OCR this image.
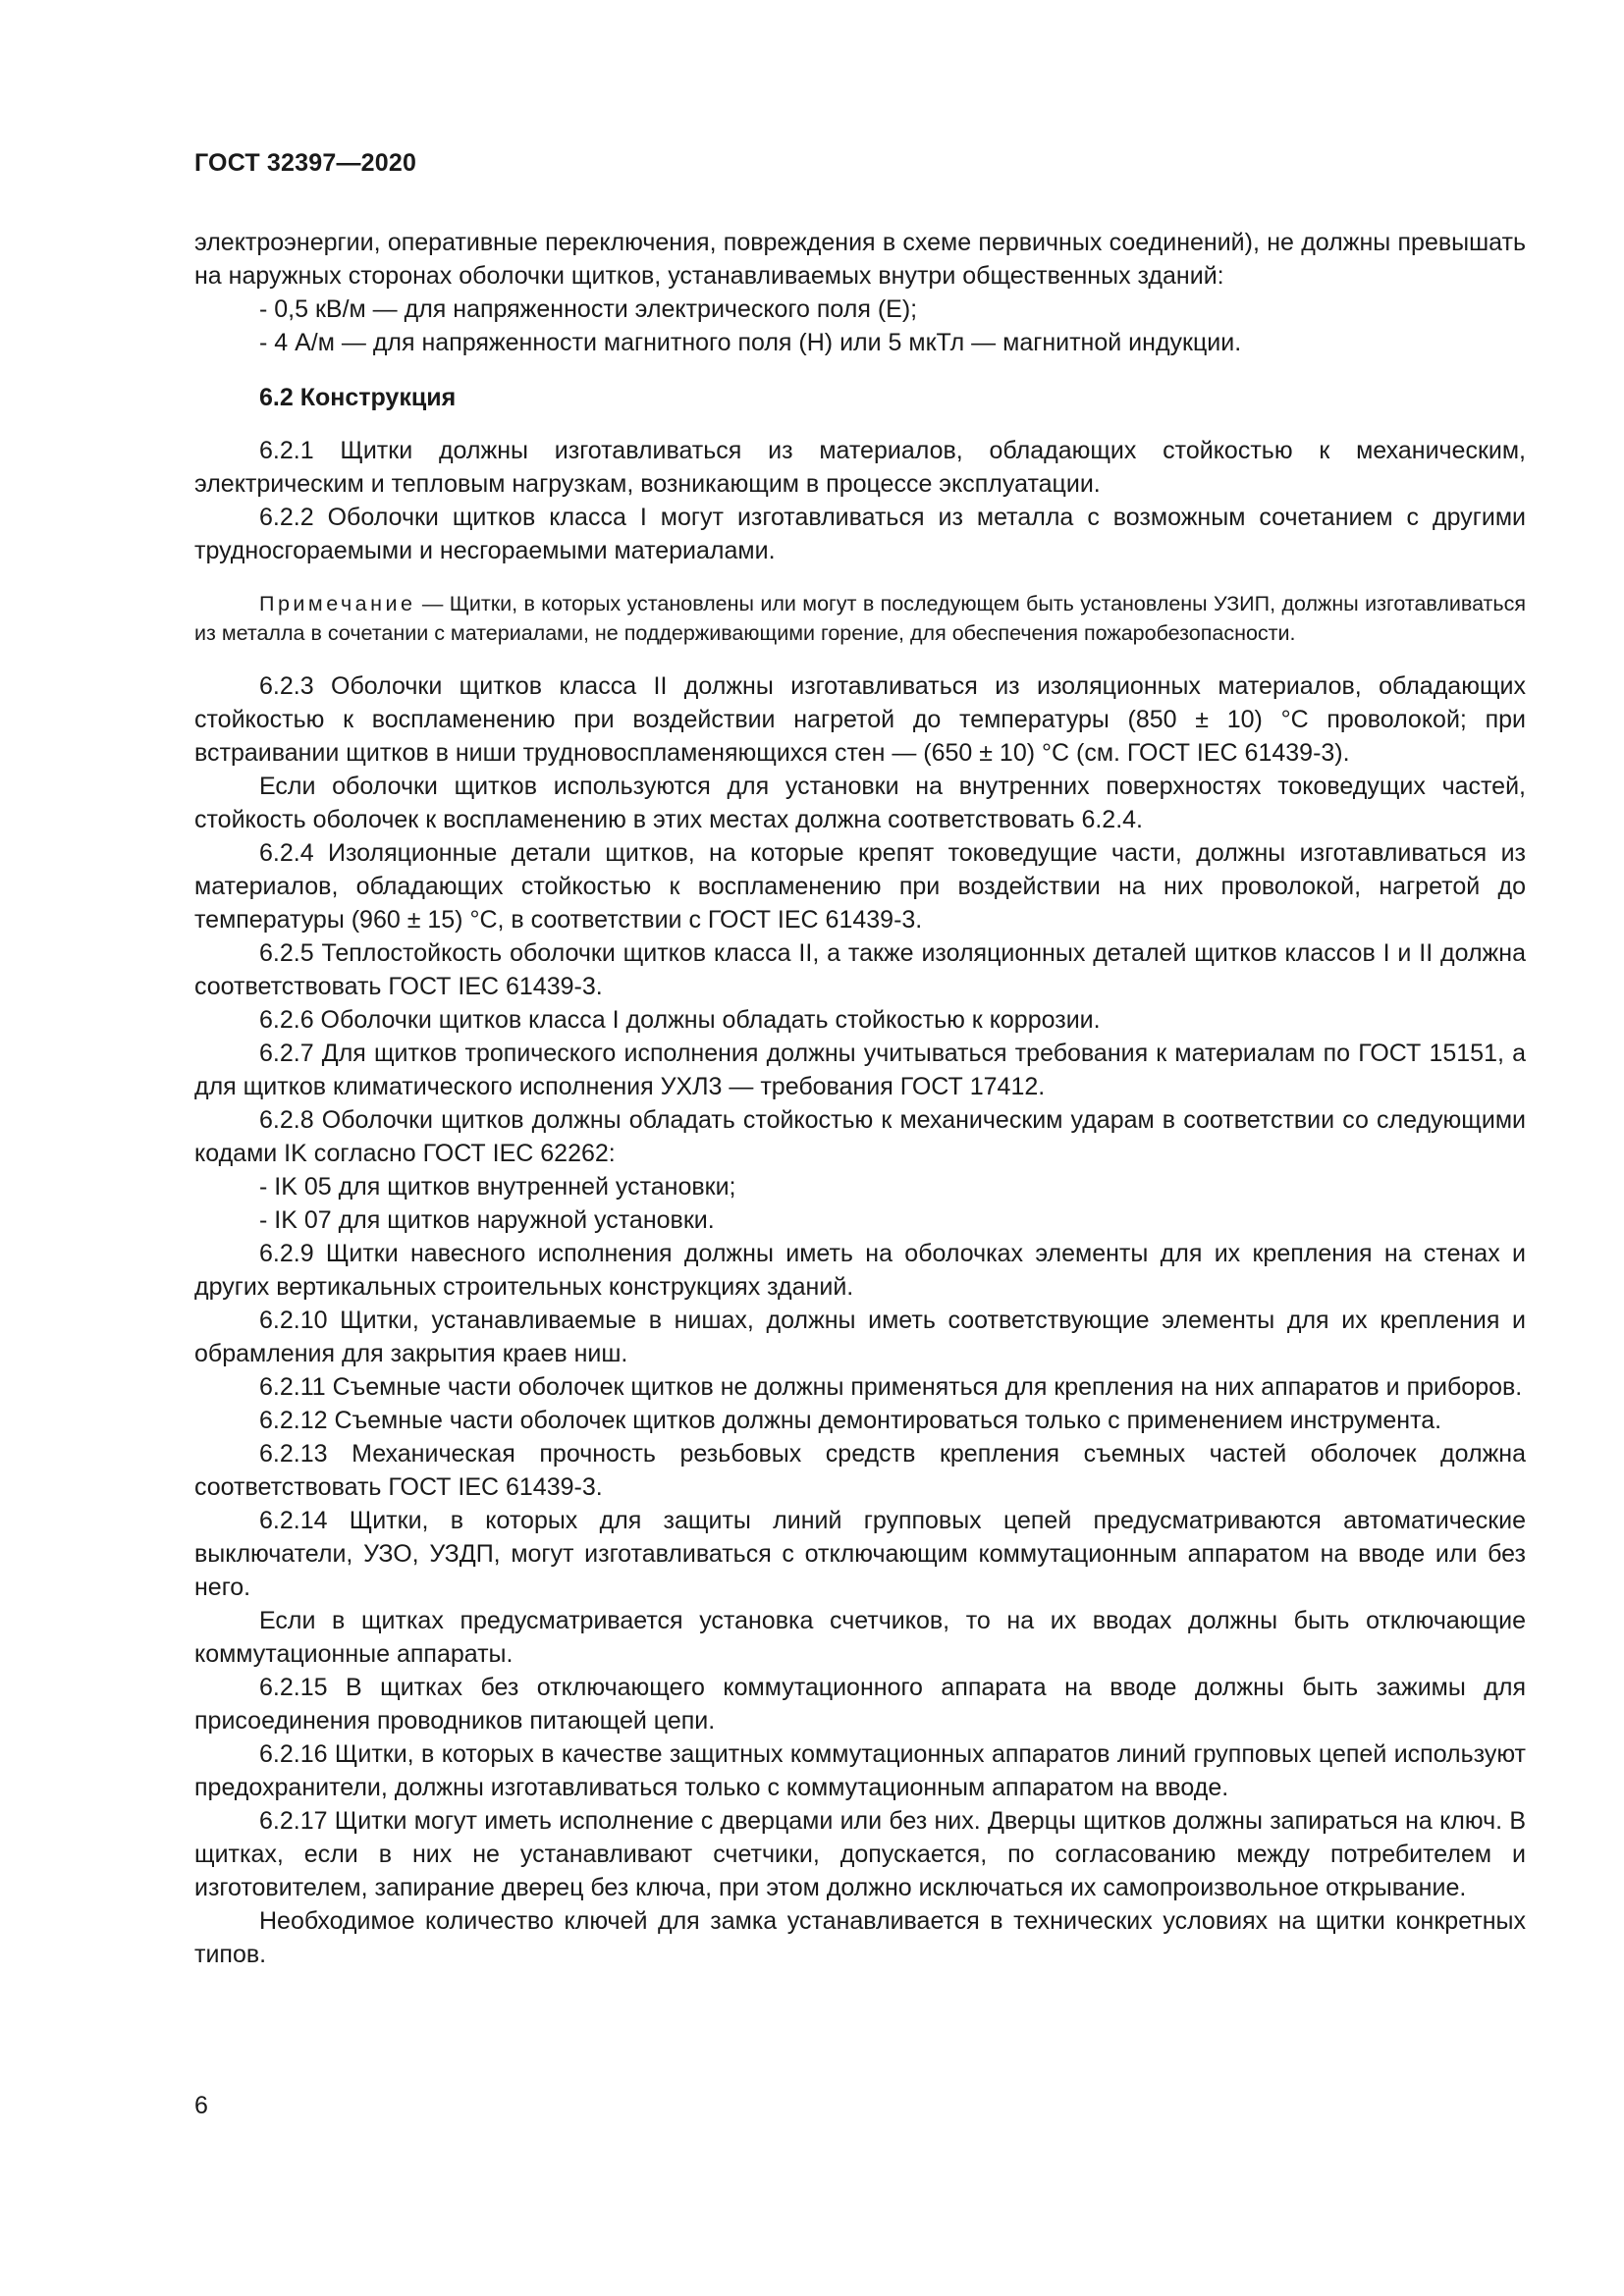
ГОСТ 32397—2020

электроэнергии, оперативные переключения, повреждения в схеме первичных соединений), не должны превышать на наружных сторонах оболочки щитков, устанавливаемых внутри общественных зданий:

- 0,5 кВ/м — для напряженности электрического поля (Е);

- 4 А/м — для напряженности магнитного поля (Н) или 5 мкТл — магнитной индукции.

6.2 Конструкция

6.2.1 Щитки должны изготавливаться из материалов, обладающих стойкостью к механическим, электрическим и тепловым нагрузкам, возникающим в процессе эксплуатации.

6.2.2 Оболочки щитков класса I могут изготавливаться из металла с возможным сочетанием с другими трудносгораемыми и несгораемыми материалами.

Примечание — Щитки, в которых установлены или могут в последующем быть установлены УЗИП, должны изготавливаться из металла в сочетании с материалами, не поддерживающими горение, для обеспечения пожаробезопасности.

6.2.3 Оболочки щитков класса II должны изготавливаться из изоляционных материалов, обладающих стойкостью к воспламенению при воздействии нагретой до температуры (850 ± 10) °С проволокой; при встраивании щитков в ниши трудновоспламеняющихся стен — (650 ± 10) °С (см. ГОСТ IEC 61439-3).

Если оболочки щитков используются для установки на внутренних поверхностях токоведущих частей, стойкость оболочек к воспламенению в этих местах должна соответствовать 6.2.4.

6.2.4 Изоляционные детали щитков, на которые крепят токоведущие части, должны изготавливаться из материалов, обладающих стойкостью к воспламенению при воздействии на них проволокой, нагретой до температуры (960 ± 15) °С, в соответствии с ГОСТ IEC 61439-3.

6.2.5 Теплостойкость оболочки щитков класса II, а также изоляционных деталей щитков классов I и II должна соответствовать ГОСТ IEC 61439-3.

6.2.6 Оболочки щитков класса I должны обладать стойкостью к коррозии.

6.2.7 Для щитков тропического исполнения должны учитываться требования к материалам по ГОСТ 15151, а для щитков климатического исполнения УХЛ3 — требования ГОСТ 17412.

6.2.8 Оболочки щитков должны обладать стойкостью к механическим ударам в соответствии со следующими кодами IK согласно ГОСТ IEC 62262:

- IK 05 для щитков внутренней установки;

- IK 07 для щитков наружной установки.

6.2.9 Щитки навесного исполнения должны иметь на оболочках элементы для их крепления на стенах и других вертикальных строительных конструкциях зданий.

6.2.10 Щитки, устанавливаемые в нишах, должны иметь соответствующие элементы для их крепления и обрамления для закрытия краев ниш.

6.2.11 Съемные части оболочек щитков не должны применяться для крепления на них аппаратов и приборов.

6.2.12 Съемные части оболочек щитков должны демонтироваться только с применением инструмента.

6.2.13 Механическая прочность резьбовых средств крепления съемных частей оболочек должна соответствовать ГОСТ IEC 61439-3.

6.2.14 Щитки, в которых для защиты линий групповых цепей предусматриваются автоматические выключатели, УЗО, УЗДП, могут изготавливаться с отключающим коммутационным аппаратом на вводе или без него.

Если в щитках предусматривается установка счетчиков, то на их вводах должны быть отключающие коммутационные аппараты.

6.2.15 В щитках без отключающего коммутационного аппарата на вводе должны быть зажимы для присоединения проводников питающей цепи.

6.2.16 Щитки, в которых в качестве защитных коммутационных аппаратов линий групповых цепей используют предохранители, должны изготавливаться только с коммутационным аппаратом на вводе.

6.2.17 Щитки могут иметь исполнение с дверцами или без них. Дверцы щитков должны запираться на ключ. В щитках, если в них не устанавливают счетчики, допускается, по согласованию между потребителем и изготовителем, запирание дверец без ключа, при этом должно исключаться их самопроизвольное открывание.

Необходимое количество ключей для замка устанавливается в технических условиях на щитки конкретных типов.

6
